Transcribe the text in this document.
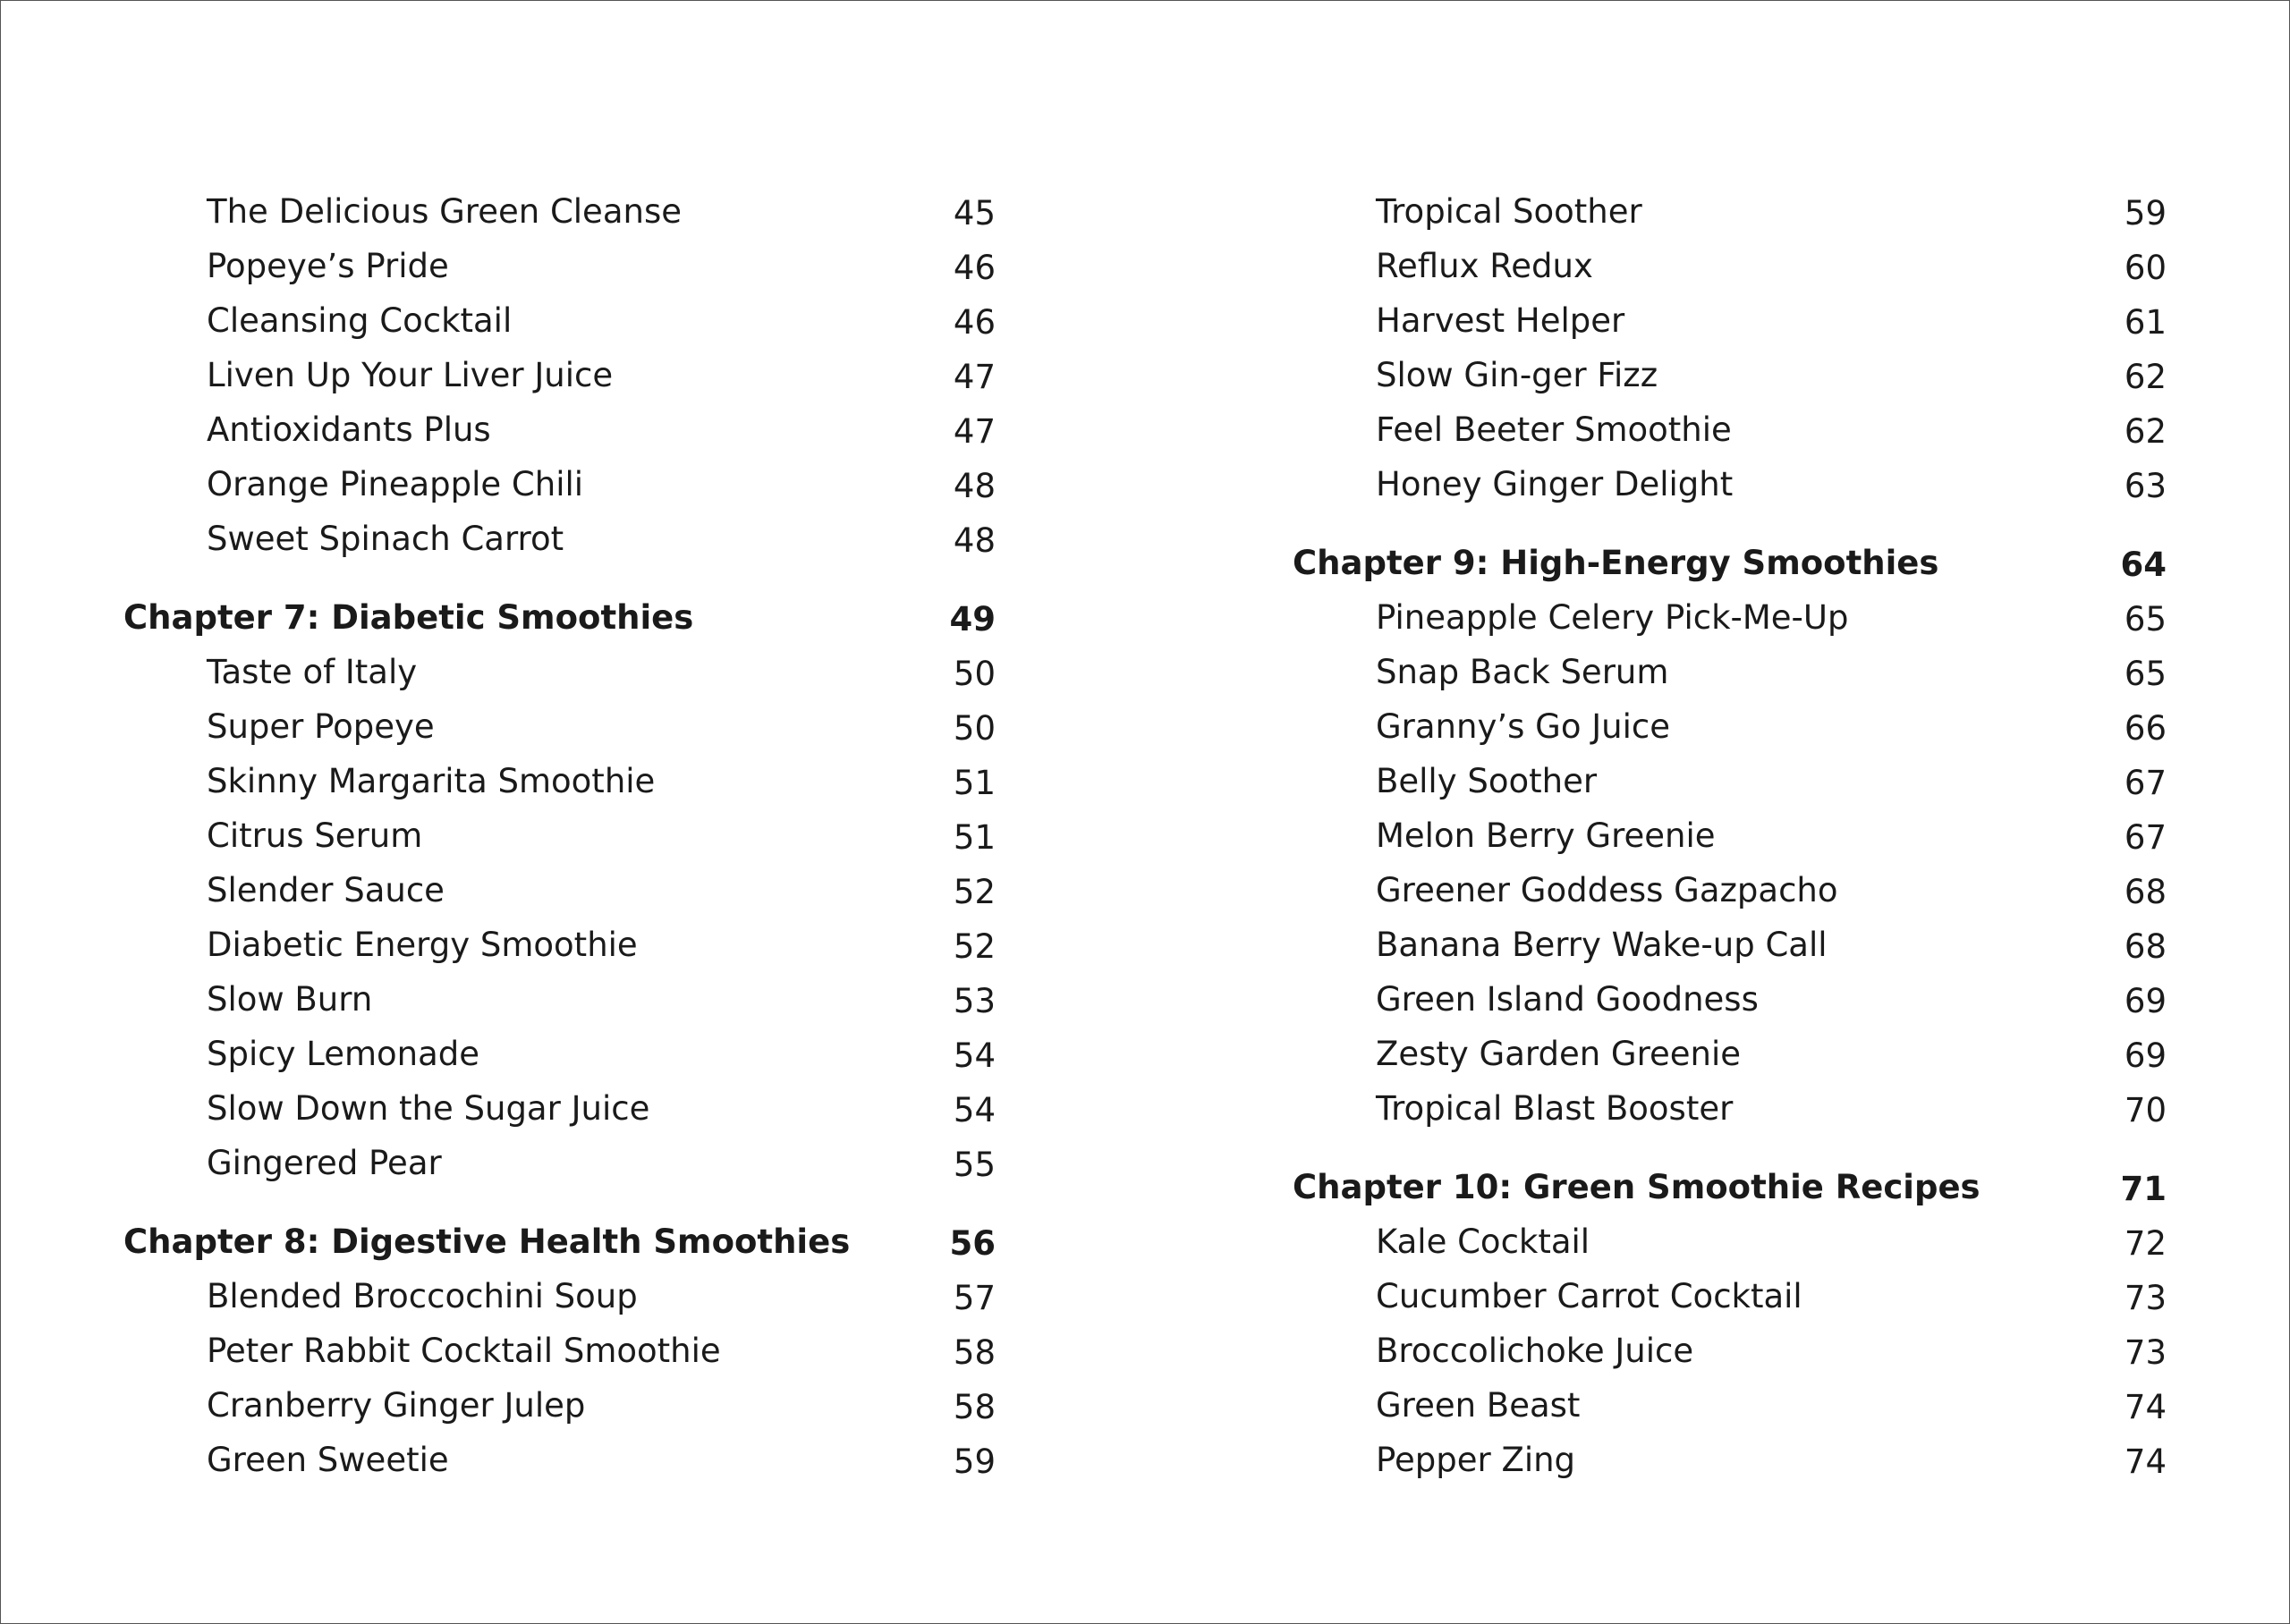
The Delicious Green Cleanse	45
Popeye’s Pride	46
Cleansing Cocktail	46
Liven Up Your Liver Juice	47
Antioxidants Plus	47
Orange Pineapple Chili	48
Sweet Spinach Carrot	48
Chapter 7: Diabetic Smoothies	49
Taste of Italy	50
Super Popeye	50
Skinny Margarita Smoothie	51
Citrus Serum	51
Slender Sauce	52
Diabetic Energy Smoothie	52
Slow Burn	53
Spicy Lemonade	54
Slow Down the Sugar Juice	54
Gingered Pear	55
Chapter 8: Digestive Health Smoothies	56
Blended Broccochini Soup	57
Peter Rabbit Cocktail Smoothie	58
Cranberry Ginger Julep	58
Green Sweetie	59
Tropical Soother	59
Reflux Redux	60
Harvest Helper	61
Slow Gin-ger Fizz	62
Feel Beeter Smoothie	62
Honey Ginger Delight	63
Chapter 9: High-Energy Smoothies	64
Pineapple Celery Pick-Me-Up	65
Snap Back Serum	65
Granny’s Go Juice	66
Belly Soother	67
Melon Berry Greenie	67
Greener Goddess Gazpacho	68
Banana Berry Wake-up Call	68
Green Island Goodness	69
Zesty Garden Greenie	69
Tropical Blast Booster	70
Chapter 10: Green Smoothie Recipes	71
Kale Cocktail	72
Cucumber Carrot Cocktail	73
Broccolichoke Juice	73
Green Beast	74
Pepper Zing	74
